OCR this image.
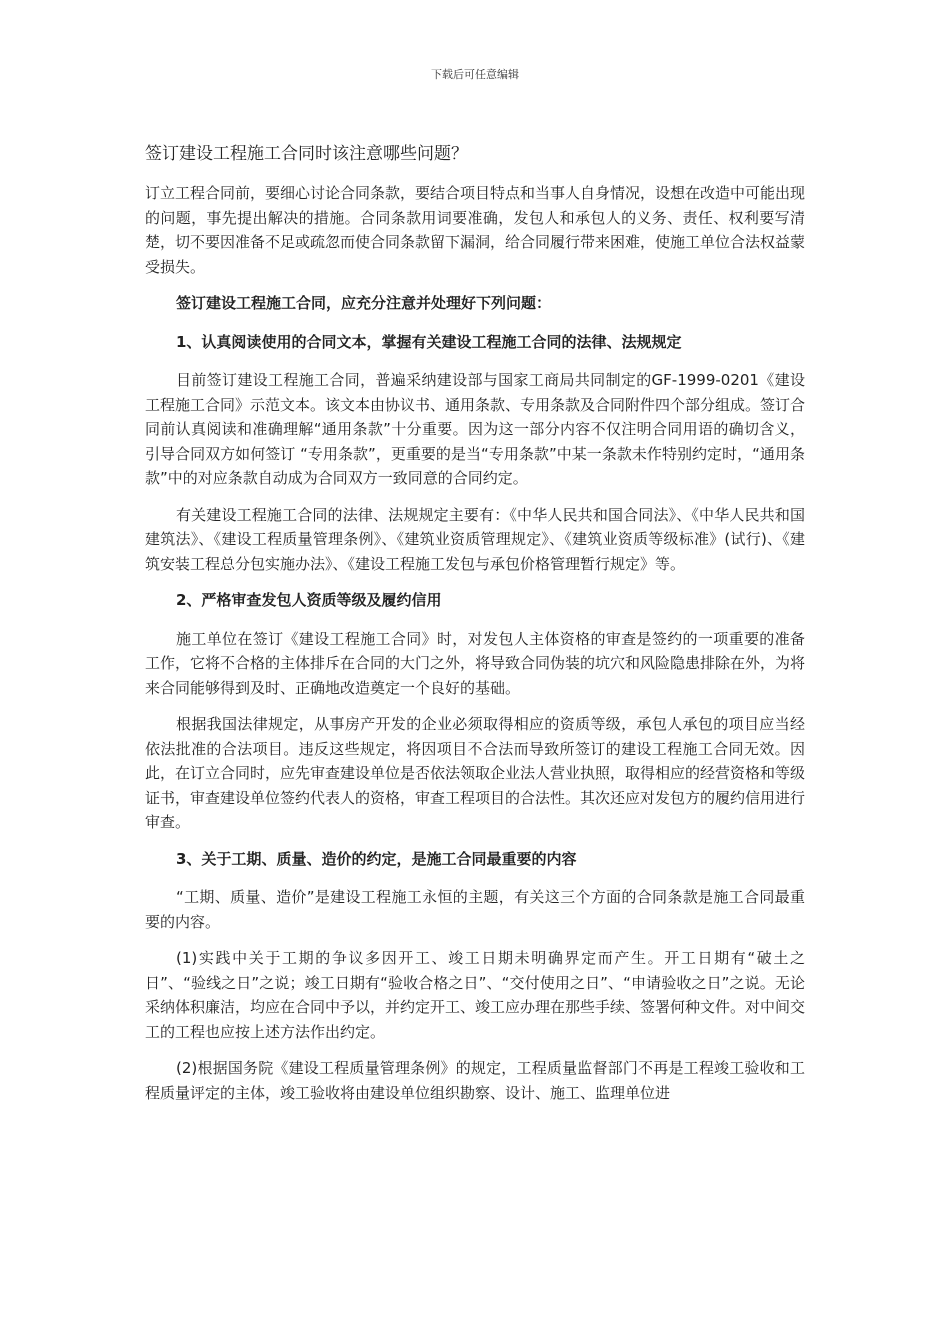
下载后可任意编辑
签订建设工程施工合同时该注意哪些问题？

订立工程合同前，要细心讨论合同条款，要结合项目特点和当事人自身情况，设想在改造中可能出现的问题，事先提出解决的措施。合同条款用词要准确，发包人和承包人的义务、责任、权利要写清楚，切不要因准备不足或疏忽而使合同条款留下漏洞，给合同履行带来困难，使施工单位合法权益蒙受损失。

签订建设工程施工合同，应充分注意并处理好下列问题：

1、认真阅读使用的合同文本，掌握有关建设工程施工合同的法律、法规规定

目前签订建设工程施工合同，普遍采纳建设部与国家工商局共同制定的GF-1999-0201《建设工程施工合同》示范文本。该文本由协议书、通用条款、专用条款及合同附件四个部分组成。签订合同前认真阅读和准确理解“通用条款”十分重要。因为这一部分内容不仅注明合同用语的确切含义，引导合同双方如何签订 “专用条款”，更重要的是当“专用条款”中某一条款未作特别约定时，“通用条款”中的对应条款自动成为合同双方一致同意的合同约定。

有关建设工程施工合同的法律、法规规定主要有：《中华人民共和国合同法》、《中华人民共和国建筑法》、《建设工程质量管理条例》、《建筑业资质管理规定》、《建筑业资质等级标准》(试行)、《建筑安装工程总分包实施办法》、《建设工程施工发包与承包价格管理暂行规定》等。

2、严格审查发包人资质等级及履约信用

施工单位在签订《建设工程施工合同》时，对发包人主体资格的审查是签约的一项重要的准备工作，它将不合格的主体排斥在合同的大门之外，将导致合同伪装的坑穴和风险隐患排除在外，为将来合同能够得到及时、正确地改造奠定一个良好的基础。

根据我国法律规定，从事房产开发的企业必须取得相应的资质等级，承包人承包的项目应当经依法批准的合法项目。违反这些规定，将因项目不合法而导致所签订的建设工程施工合同无效。因此，在订立合同时，应先审查建设单位是否依法领取企业法人营业执照，取得相应的经营资格和等级证书，审查建设单位签约代表人的资格，审查工程项目的合法性。其次还应对发包方的履约信用进行审查。

3、关于工期、质量、造价的约定，是施工合同最重要的内容

“工期、质量、造价”是建设工程施工永恒的主题，有关这三个方面的合同条款是施工合同最重要的内容。

(1)实践中关于工期的争议多因开工、竣工日期未明确界定而产生。开工日期有“破土之日”、“验线之日”之说；竣工日期有“验收合格之日”、“交付使用之日”、“申请验收之日”之说。无论采纳体积廉洁，均应在合同中予以，并约定开工、竣工应办理在那些手续、签署何种文件。对中间交工的工程也应按上述方法作出约定。

(2)根据国务院《建设工程质量管理条例》的规定，工程质量监督部门不再是工程竣工验收和工程质量评定的主体，竣工验收将由建设单位组织勘察、设计、施工、监理单位进
